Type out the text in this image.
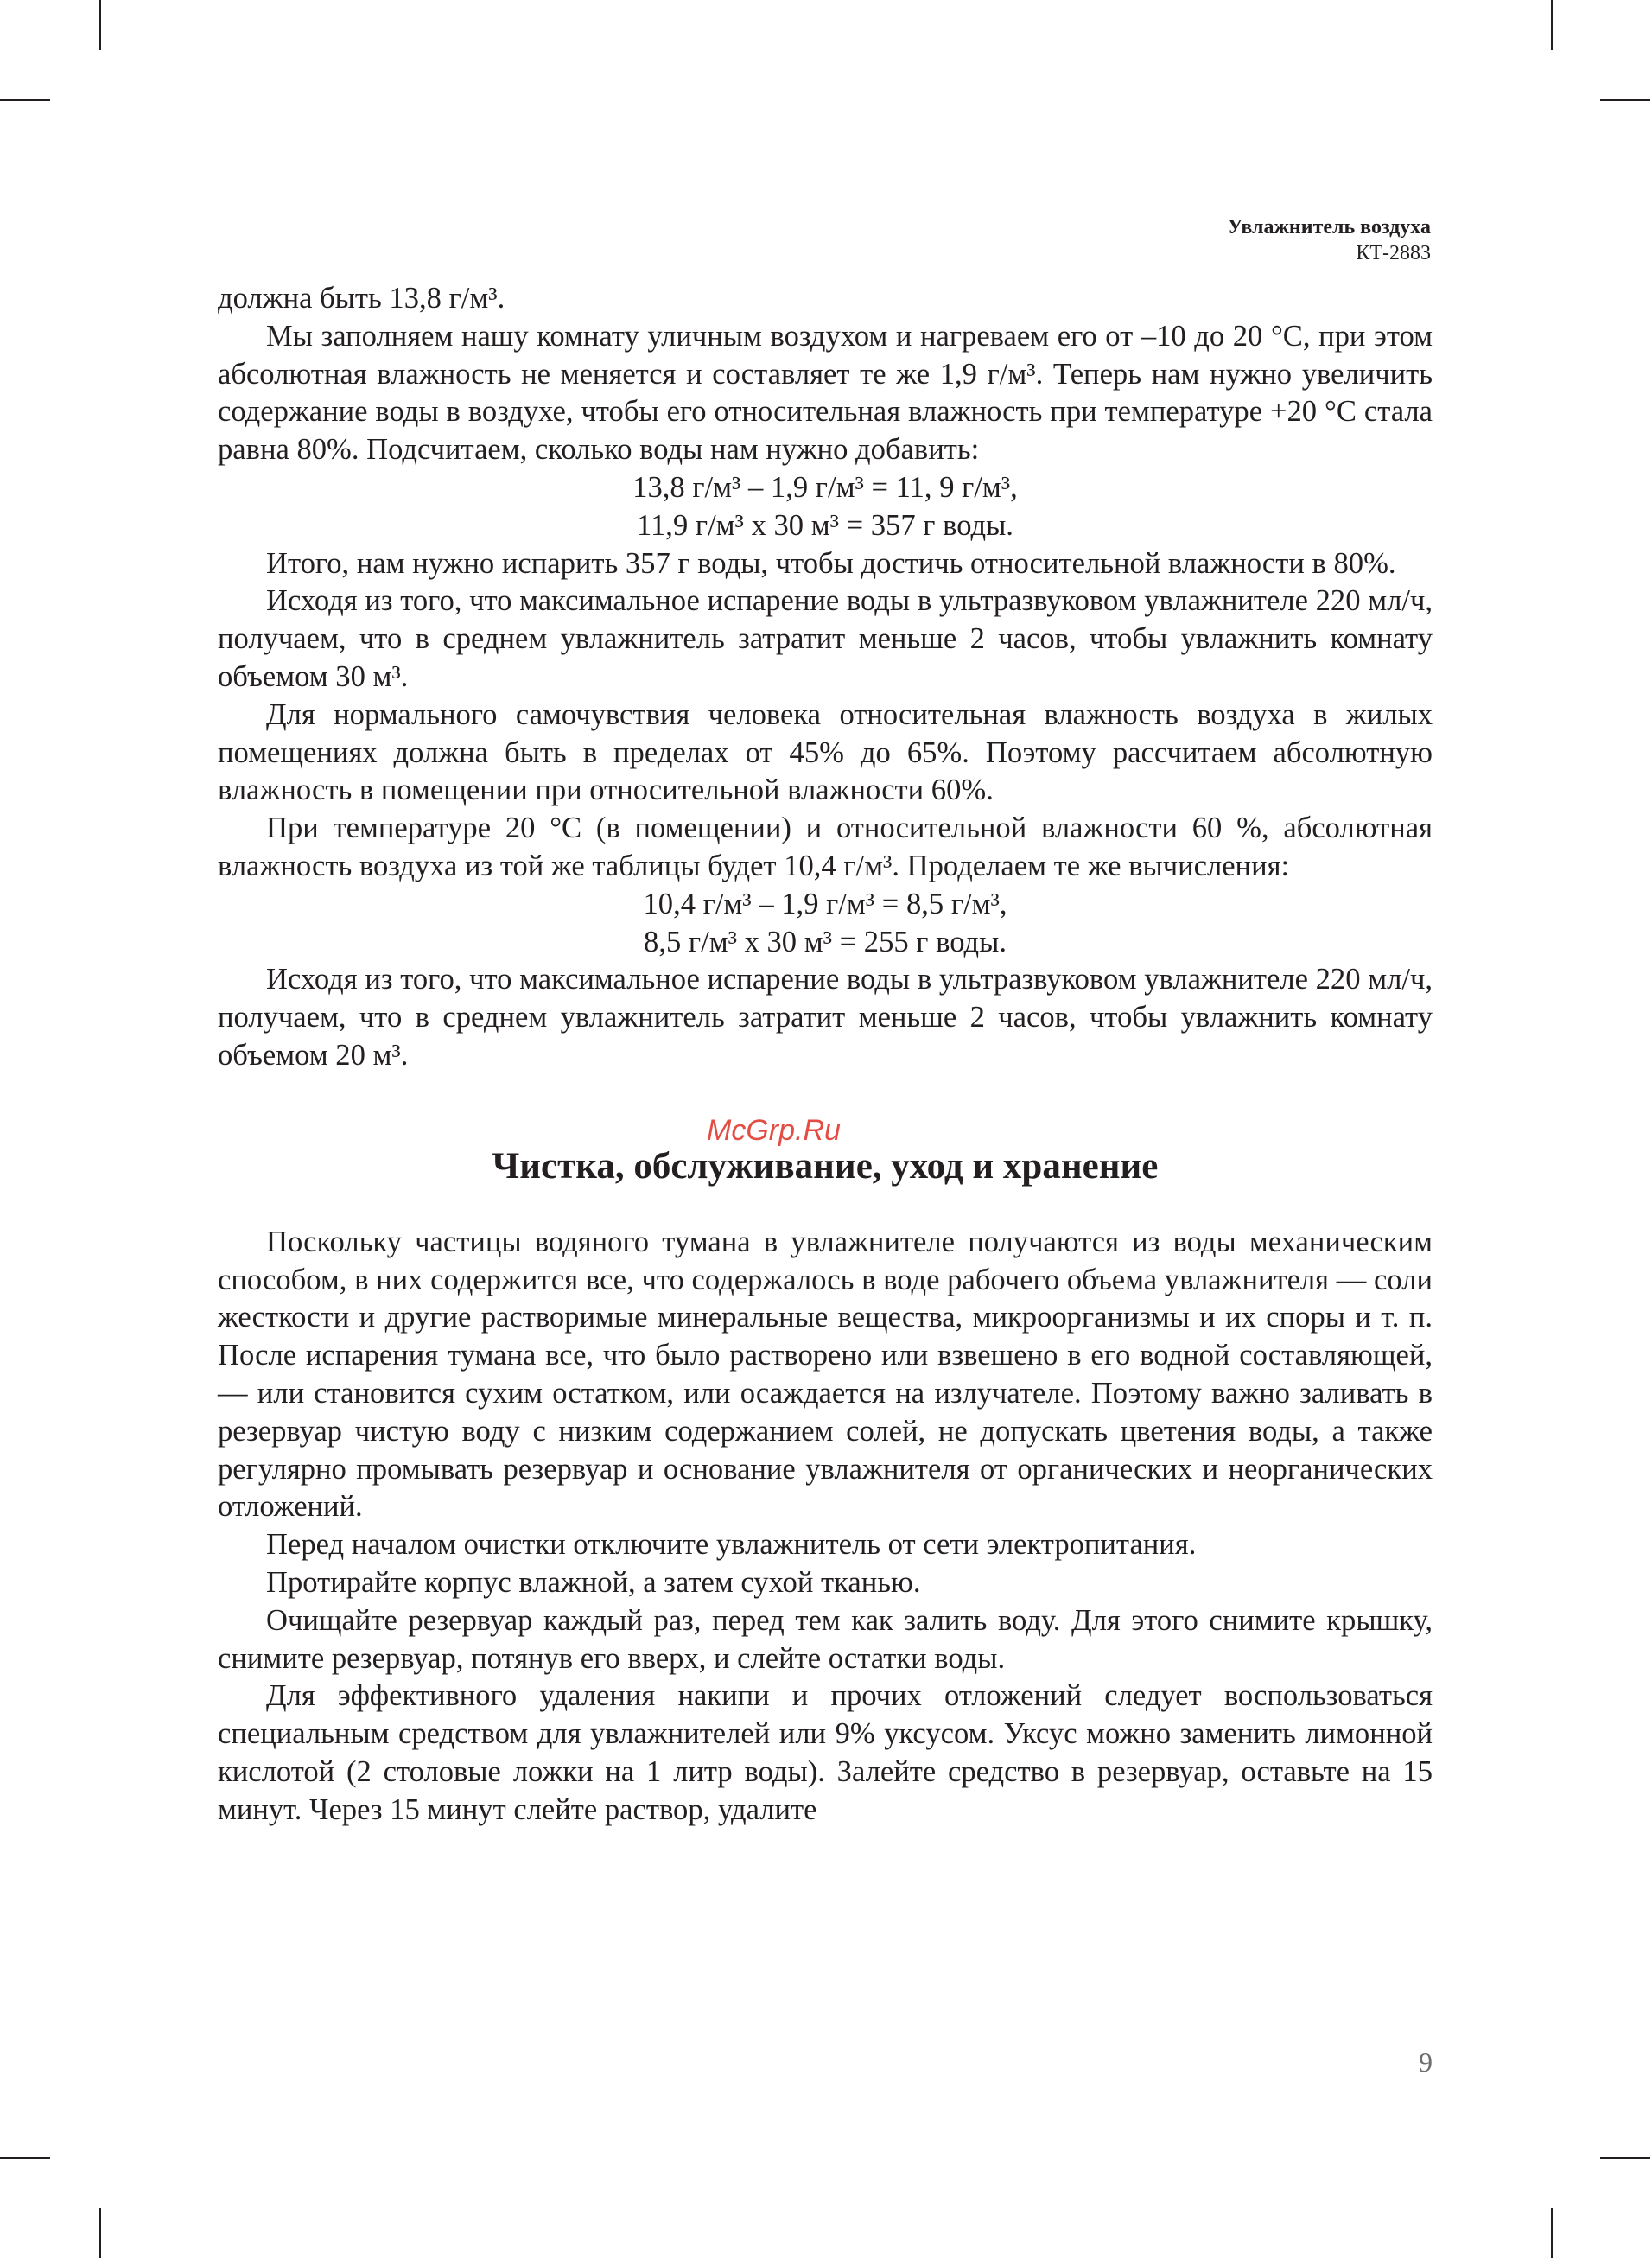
Увлажнитель воздуха
КТ-2883

должна быть 13,8 г/м³.

Мы заполняем нашу комнату уличным воздухом и нагреваем его от –10 до 20 °С, при этом абсолютная влажность не меняется и составляет те же 1,9 г/м³. Теперь нам нужно увеличить содержание воды в воздухе, чтобы его относительная влажность при температуре +20 °С стала равна 80%. Подсчитаем, сколько воды нам нужно добавить:

13,8 г/м³ – 1,9 г/м³ = 11, 9 г/м³,

11,9 г/м³ х 30 м³ = 357 г воды.

Итого, нам нужно испарить 357 г воды, чтобы достичь относительной влажности в 80%.

Исходя из того, что максимальное испарение воды в ультразвуковом увлажнителе 220 мл/ч, получаем, что в среднем увлажнитель затратит меньше 2 часов, чтобы увлажнить комнату объемом 30 м³.

Для нормального самочувствия человека относительная влажность воздуха в жилых помещениях должна быть в пределах от 45% до 65%. Поэтому рассчитаем абсолютную влажность в помещении при относительной влажности 60%.

При температуре 20 °С (в помещении) и относительной влажности 60 %, абсолютная влажность воздуха из той же таблицы будет 10,4 г/м³. Проделаем те же вычисления:

10,4 г/м³ – 1,9 г/м³ = 8,5 г/м³,

8,5 г/м³ х 30 м³ = 255 г воды.

Исходя из того, что максимальное испарение воды в ультразвуковом увлажнителе 220 мл/ч, получаем, что в среднем увлажнитель затратит меньше 2 часов, чтобы увлажнить комнату объемом 20 м³.

Чистка, обслуживание, уход и хранение

Поскольку частицы водяного тумана в увлажнителе получаются из воды механическим способом, в них содержится все, что содержалось в воде рабочего объема увлажнителя — соли жесткости и другие растворимые минеральные вещества, микроорганизмы и их споры и т. п. После испарения тумана все, что было растворено или взвешено в его водной составляющей, — или становится сухим остатком, или осаждается на излучателе. Поэтому важно заливать в резервуар чистую воду с низким содержанием солей, не допускать цветения воды, а также регулярно промывать резервуар и основание увлажнителя от органических и неорганических отложений.

Перед началом очистки отключите увлажнитель от сети электропитания.

Протирайте корпус влажной, а затем сухой тканью.

Очищайте резервуар каждый раз, перед тем как залить воду. Для этого снимите крышку, снимите резервуар, потянув его вверх, и слейте остатки воды.

Для эффективного удаления накипи и прочих отложений следует воспользоваться специальным средством для увлажнителей или 9% уксусом. Уксус можно заменить лимонной кислотой (2 столовые ложки на 1 литр воды). Залейте средство в резервуар, оставьте на 15 минут. Через 15 минут слейте раствор, удалите

McGrp.Ru
9
